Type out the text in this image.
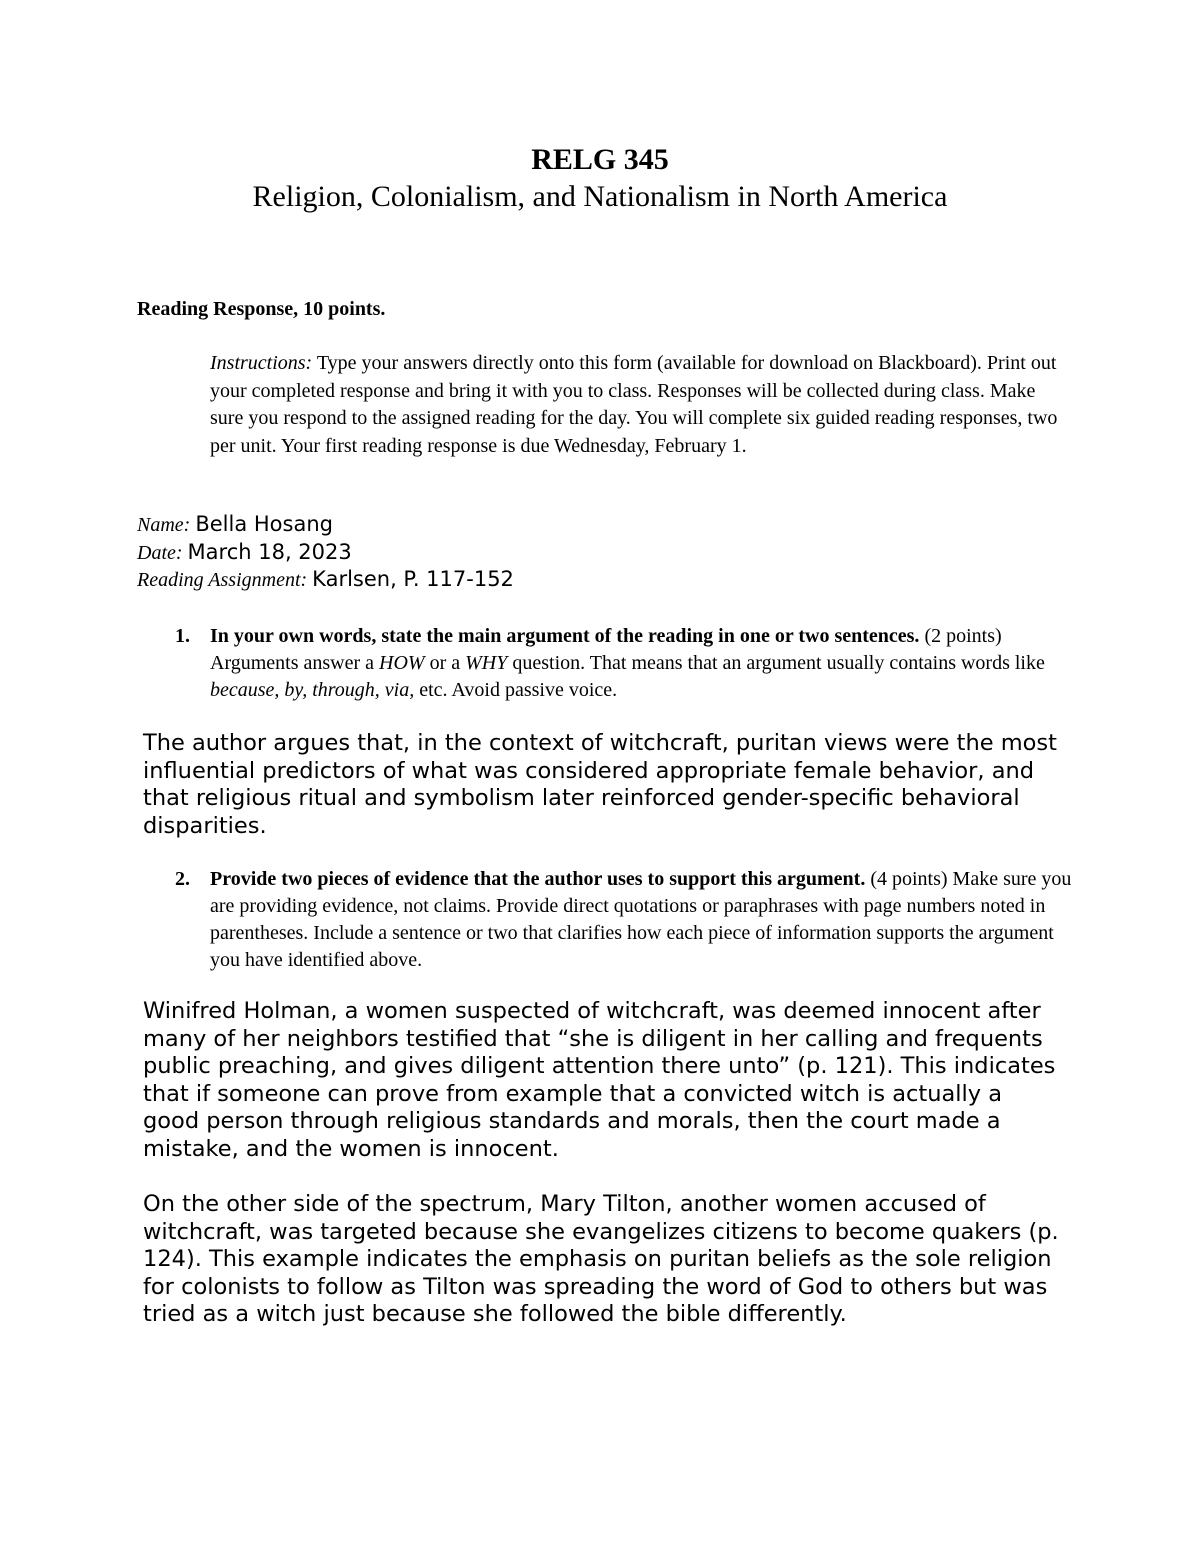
RELG 345
Religion, Colonialism, and Nationalism in North America
Reading Response, 10 points.
Instructions: Type your answers directly onto this form (available for download on Blackboard). Print out your completed response and bring it with you to class. Responses will be collected during class. Make sure you respond to the assigned reading for the day. You will complete six guided reading responses, two per unit. Your first reading response is due Wednesday, February 1.
Name: Bella Hosang
Date: March 18, 2023
Reading Assignment: Karlsen, P. 117-152
1. In your own words, state the main argument of the reading in one or two sentences. (2 points) Arguments answer a HOW or a WHY question. That means that an argument usually contains words like because, by, through, via, etc. Avoid passive voice.
The author argues that, in the context of witchcraft, puritan views were the most influential predictors of what was considered appropriate female behavior, and that religious ritual and symbolism later reinforced gender-specific behavioral disparities.
2. Provide two pieces of evidence that the author uses to support this argument. (4 points) Make sure you are providing evidence, not claims. Provide direct quotations or paraphrases with page numbers noted in parentheses. Include a sentence or two that clarifies how each piece of information supports the argument you have identified above.
Winifred Holman, a women suspected of witchcraft, was deemed innocent after many of her neighbors testified that “she is diligent in her calling and frequents public preaching, and gives diligent attention there unto” (p. 121). This indicates that if someone can prove from example that a convicted witch is actually a good person through religious standards and morals, then the court made a mistake, and the women is innocent.
On the other side of the spectrum, Mary Tilton, another women accused of witchcraft, was targeted because she evangelizes citizens to become quakers (p. 124). This example indicates the emphasis on puritan beliefs as the sole religion for colonists to follow as Tilton was spreading the word of God to others but was tried as a witch just because she followed the bible differently.
